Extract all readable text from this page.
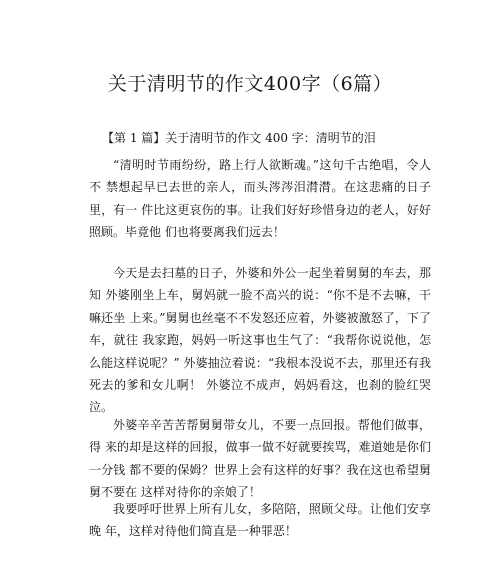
关于清明节的作文400字（6篇）
【第 1 篇】关于清明节的作文 400 字：清明节的泪

“清明时节雨纷纷，路上行人欲断魂。”这句千古绝唱，令人不 禁想起早已去世的亲人，而头涔涔泪潸潸。在这悲痛的日子里，有一 件比这更哀伤的事。让我们好好珍惜身边的老人，好好照顾。毕竟他 们也将要离我们远去！

今天是去扫墓的日子，外婆和外公一起坐着舅舅的车去，那知 外婆刚坐上车，舅妈就一脸不高兴的说：“你不是不去嘛，干嘛还坐 上来。”舅舅也丝毫不不发怒还应着，外婆被激怒了，下了车，就往 我家跑，妈妈一听这事也生气了：“我帮你说说他，怎么能这样说呢？” 外婆抽泣着说：“我根本没说不去，那里还有我死去的爹和女儿啊！ 外婆泣不成声，妈妈看这，也刹的脸红哭泣。

外婆辛辛苦苦帮舅舅带女儿，不要一点回报。帮他们做事，得 来的却是这样的回报，做事一做不好就要挨骂，难道她是你们一分钱 都不要的保姆？世界上会有这样的好事？我在这也希望舅舅不要在 这样对待你的亲娘了！

我要呼吁世界上所有儿女，多陪陪，照顾父母。让他们安享晚 年，这样对待他们简直是一种罪恶！
